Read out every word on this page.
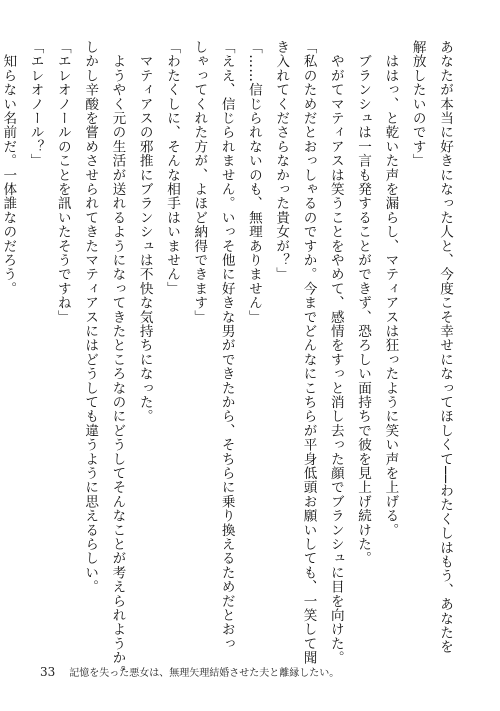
あなたが本当に好きになった人と、今度こそ幸せになってほしくて──わたくしはもう、あなたを
解放したいのです」
　ははっ、と乾いた声を漏らし、マティアスは狂ったように笑い声を上げる。
　ブランシュは一言も発することができず、恐ろしい面持ちで彼を見上げ続けた。
　やがてマティアスは笑うことをやめて、感情をすっと消し去った顔でブランシュに目を向けた。
「私のためだとおっしゃるのですか。今までどんなにこちらが平身低頭お願いしても、一笑して聞
き入れてくださらなかった貴女が？」
「……信じられないのも、無理ありません」
「ええ、信じられません。いっそ他に好きな男ができたから、そちらに乗り換えるためだとおっ
しゃってくれた方が、よほど納得できます」
「わたくしに、そんな相手はいません」
　マティアスの邪推にブランシュは不快な気持ちになった。
　ようやく元の生活が送れるようになってきたところなのにどうしてそんなことが考えられようか。
しかし辛酸を嘗めさせられてきたマティアスにはどうしても違うように思えるらしい。
「エレオノールのことを訊いたそうですね」
「エレオノール？」
　知らない名前だ。一体誰なのだろう。
33 記憶を失った悪女は、無理矢理結婚させた夫と離縁したい。
